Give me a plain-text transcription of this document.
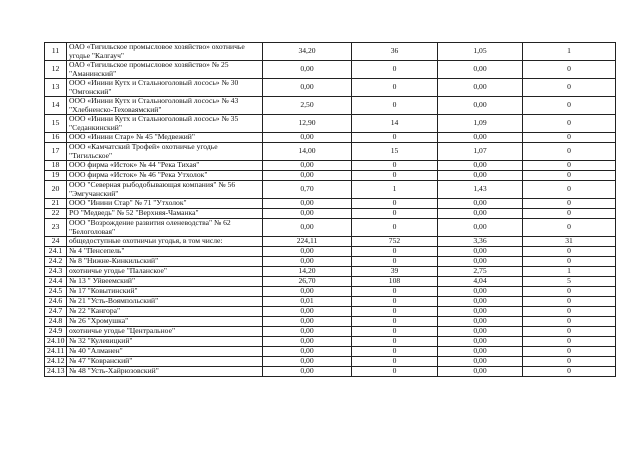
11	ОАО «Тигильское промысловое хозяйство» охотничье угодье "Калгауч"	34,20	36	1,05	1
12	ОАО «Тигильское промысловое хозяйство» № 25 "Аманинский"	0,00	0	0,00	0
13	ООО «Инини Кутх и Стальноголовый лосось» № 30 "Омгонский"	0,00	0	0,00	0
14	ООО «Инини Кутх и Стальноголовый лосось» № 43 "Хлебненско-Теховаямский"	2,50	0	0,00	0
15	ООО «Инини Кутх и Стальноголовый лосось» № 35 "Седанкинский"	12,90	14	1,09	0
16	ООО «Инини Стар» № 45 "Медвежий"	0,00	0	0,00	0
17	ООО «Камчатский Трофей» охотничье угодье "Тигильское"	14,00	15	1,07	0
18	ООО фирма «Исток» № 44 "Река Тихая"	0,00	0	0,00	0
19	ООО фирма «Исток» № 46 "Река Утхолок"	0,00	0	0,00	0
20	ООО "Северная рыбодобывающая компания" № 56 "Эмгучанский"	0,70	1	1,43	0
21	ООО "Инини Стар" № 71 "Утхолок"	0,00	0	0,00	0
22	РО "Медведь" № 52 "Верхняя-Чаманка"	0,00	0	0,00	0
23	ООО "Возрождение развития оленеводства" № 62 "Белоголовая"	0,00	0	0,00	0
24	общедоступные охотничьи угодья, в том числе:	224,11	752	3,36	31
24.1	№ 4 "Пенсепель"	0,00	0	0,00	0
24.2	№ 8 "Нижне-Кинкильский"	0,00	0	0,00	0
24.3	охотничье угодье "Паланское"	14,20	39	2,75	1
24.4	№ 13 " Уйвеемский"	26,70	108	4,04	5
24.5	№ 17 "Ковытинский"	0,00	0	0,00	0
24.6	№ 21 "Усть-Воямпольский"	0,01	0	0,00	0
24.7	№ 22 "Кангора"	0,00	0	0,00	0
24.8	№ 26 "Хромушка"	0,00	0	0,00	0
24.9	охотничье угодье "Центральное"	0,00	0	0,00	0
24.10	№ 32 "Кулевицкий"	0,00	0	0,00	0
24.11	№ 40 "Алманен"	0,00	0	0,00	0
24.12	№ 47 "Ковранский"	0,00	0	0,00	0
24.13	№ 48 "Усть-Хайрюзовский"	0,00	0	0,00	0
